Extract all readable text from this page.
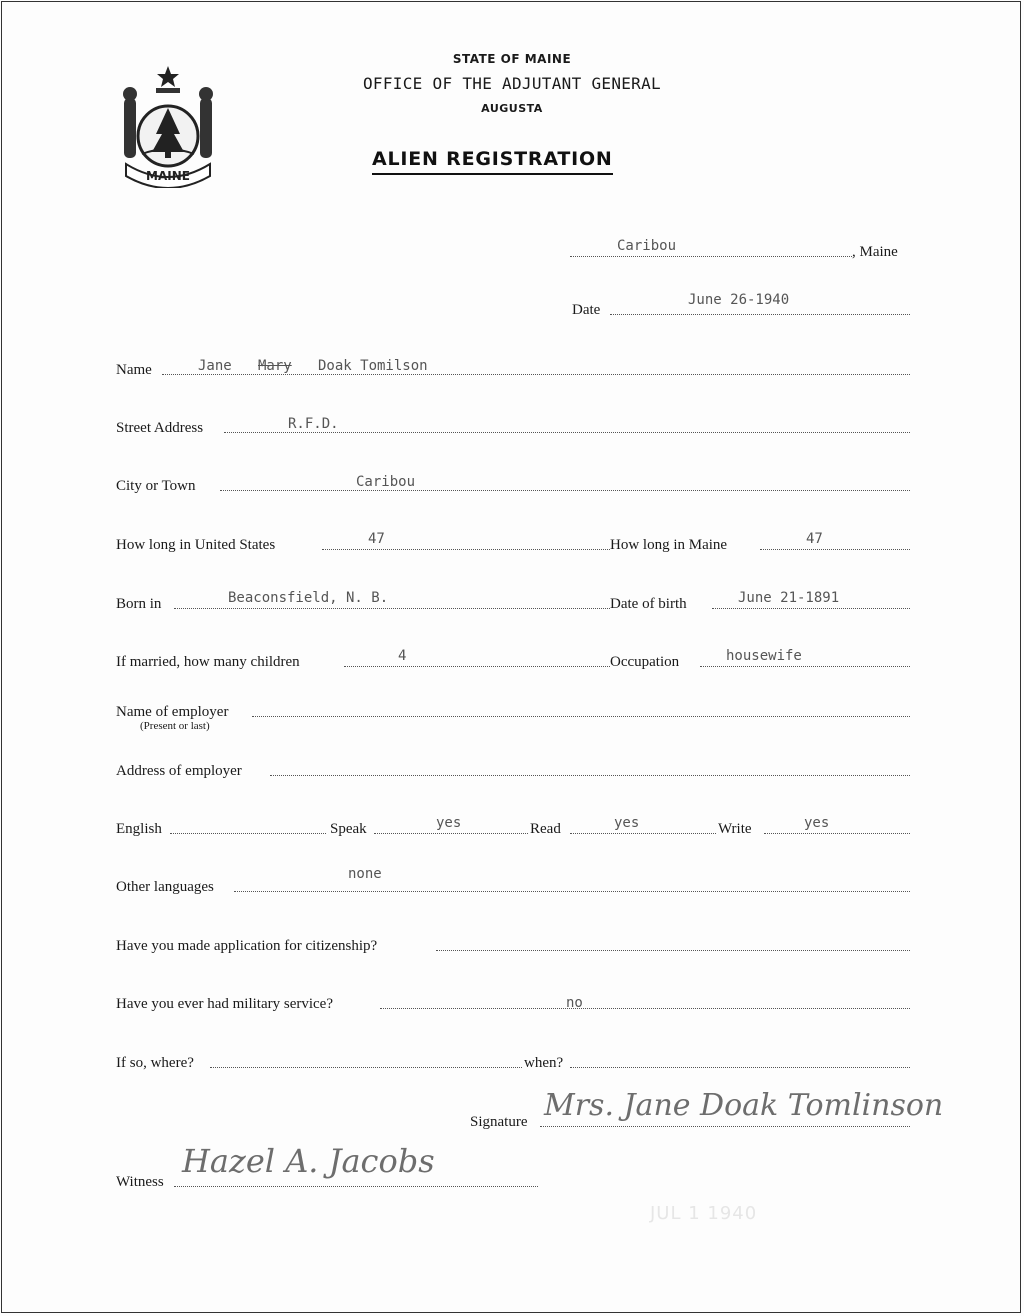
MAINE
STATE OF MAINE
OFFICE OF THE ADJUTANT GENERAL
AUGUSTA
ALIEN REGISTRATION
Caribou	, Maine
Date
June 26-1940
Name	Jane Mary Doak Tomilson
Street Address	R.F.D.
City or Town	Caribou
How long in United States	47	How long in Maine	47
Born in	Beaconsfield, N. B.	Date of birth	June 21-1891
If married, how many children	4	Occupation	housewife
Name of employer
(Present or last)
Address of employer
English	Speak	yes	Read	yes	Write	yes
Other languages
none
Have you made application for citizenship?
Have you ever had military service?	no
If so, where?	when?
Signature Mrs. Jane Doak Tomlinson
Witness
Hazel A. Jacobs
JUL 1 1940
